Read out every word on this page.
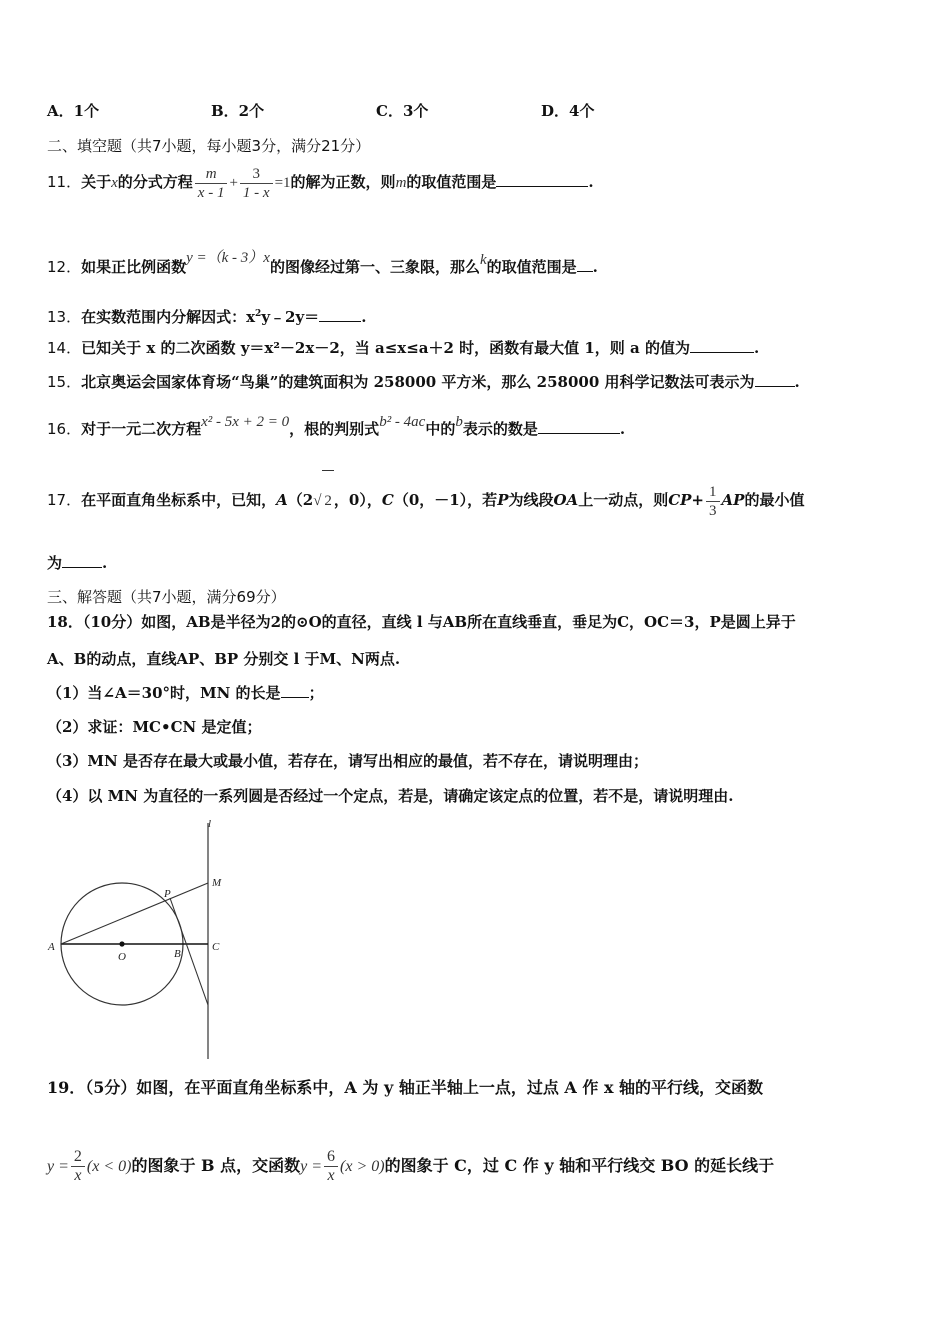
A．1个	B．2个	C．3个	D．4个
二、填空题（共7小题，每小题3分，满分21分）
11．关于x的分式方程 $\frac{m}{x - 1} + \frac{3}{1 - x} =1$的解为正数，则m的取值范围是	.
12．如果正比例函数y =（k - 3）x的图像经过第一、三象限，那么k的取值范围是 .
13．在实数范围内分解因式：$x^2y﹣2y=$	.
14．已知关于 x 的二次函数 y＝x²－2x－2，当 a≤x≤a＋2 时，函数有最大值 1，则 a 的值为	.
15．北京奥运会国家体育场“鸟巢”的建筑面积为 258000 平方米，那么 258000 用科学记数法可表示为	.
16．对于一元二次方程x² - 5x + 2 = 0，根的判别式b² - 4ac中的b表示的数是	.
17．在平面直角坐标系中，已知，A（2√ 2 ，0），C（0，－1），若P为线段OA上一动点，则$CP+ \frac{1}{3}$ AP的最小值
为	.
三、解答题（共7小题，满分69分）
18．（10分）如图，AB是半径为2的⊙O的直径，直线 l 与AB所在直线垂直，垂足为C，OC＝3，P是圆上异于
A、B的动点，直线AP、BP 分别交 l 于M、N两点.
（1）当∠A＝30°时，MN 的长是 ；
（2）求证：MC•CN 是定值；
（3）MN 是否存在最大或最小值，若存在，请写出相应的最值，若不存在，请说明理由；
（4）以 MN 为直径的一系列圆是否经过一个定点，若是，请确定该定点的位置，若不是，请说明理由.
l
M
P
A
O	B
C
19．（5分）如图，在平面直角坐标系中，A 为 y 轴正半轴上一点，过点 A 作 x 轴的平行线，交函数
$y = \frac{2}{x} (x < 0)$的图象于 B 点，交函数$y = \frac{6}{x} (x > 0)$的图象于 C，过 C 作 y 轴和平行线交 BO 的延长线于
